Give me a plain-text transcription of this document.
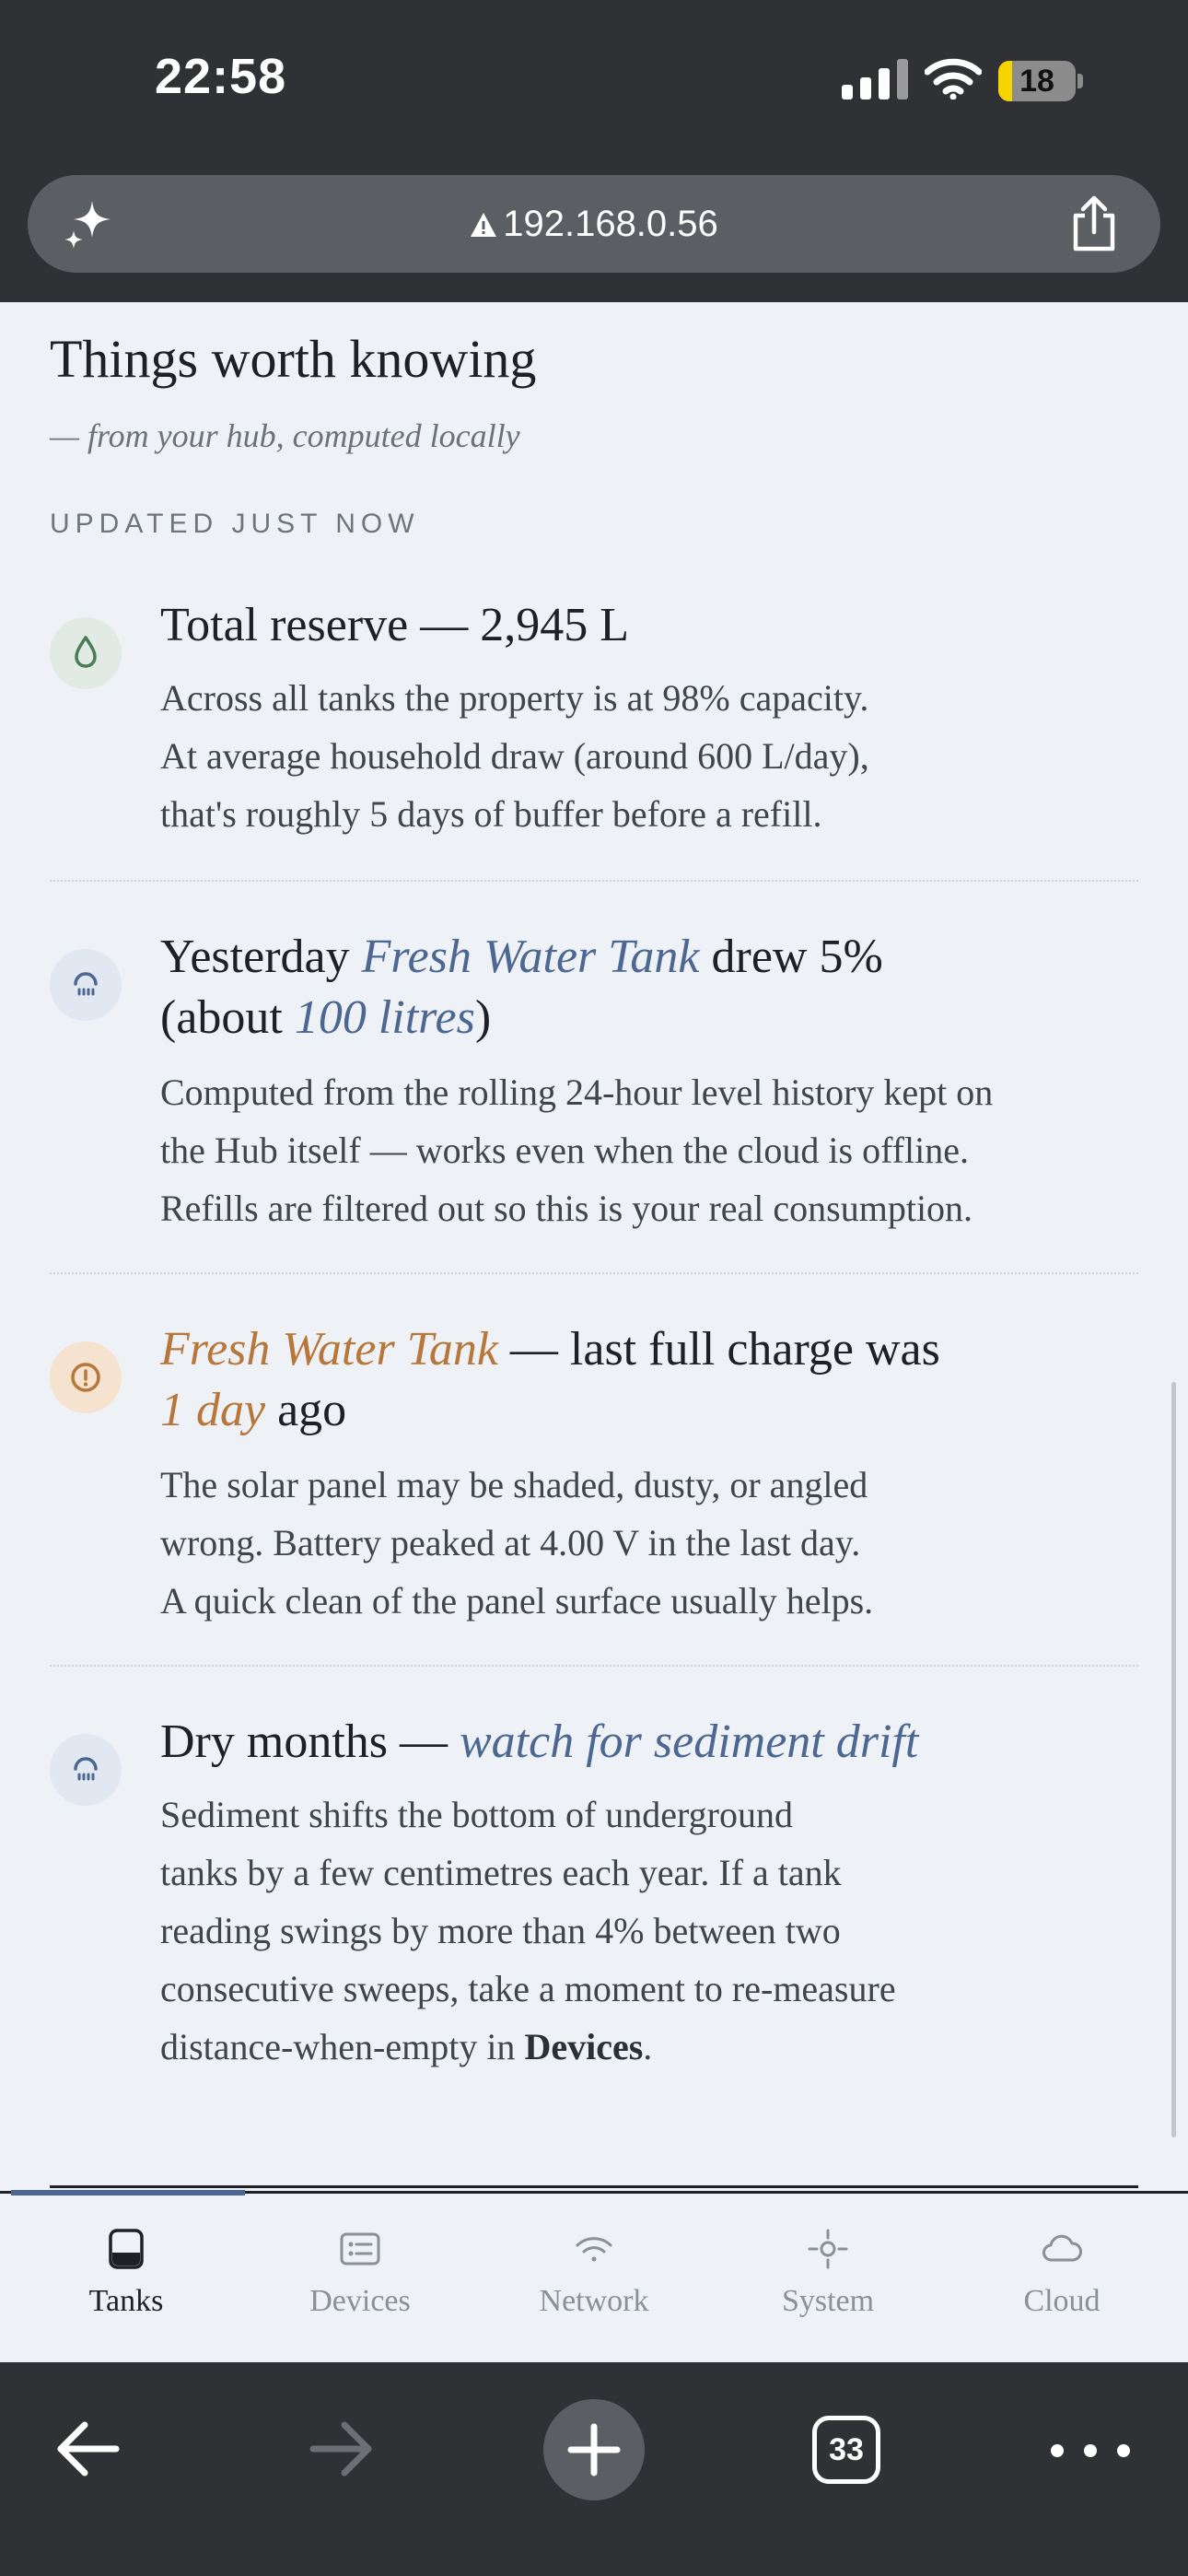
22:58	18
192.168.0.56
Things worth knowing
— from your hub, computed locally
UPDATED JUST NOW
Total reserve — 2,945 L
Across all tanks the property is at 98% capacity.
At average household draw (around 600 L/day),
that's roughly 5 days of buffer before a refill.
Yesterday Fresh Water Tank drew 5%
(about 100 litres)
Computed from the rolling 24-hour level history kept on
the Hub itself — works even when the cloud is offline.
Refills are filtered out so this is your real consumption.
Fresh Water Tank — last full charge was
1 day ago
The solar panel may be shaded, dusty, or angled
wrong. Battery peaked at 4.00 V in the last day.
A quick clean of the panel surface usually helps.
Dry months — watch for sediment drift
Sediment shifts the bottom of underground
tanks by a few centimetres each year. If a tank
reading swings by more than 4% between two
consecutive sweeps, take a moment to re-measure
distance-when-empty in Devices.
Tanks	Devices	Network	System	Cloud
33
